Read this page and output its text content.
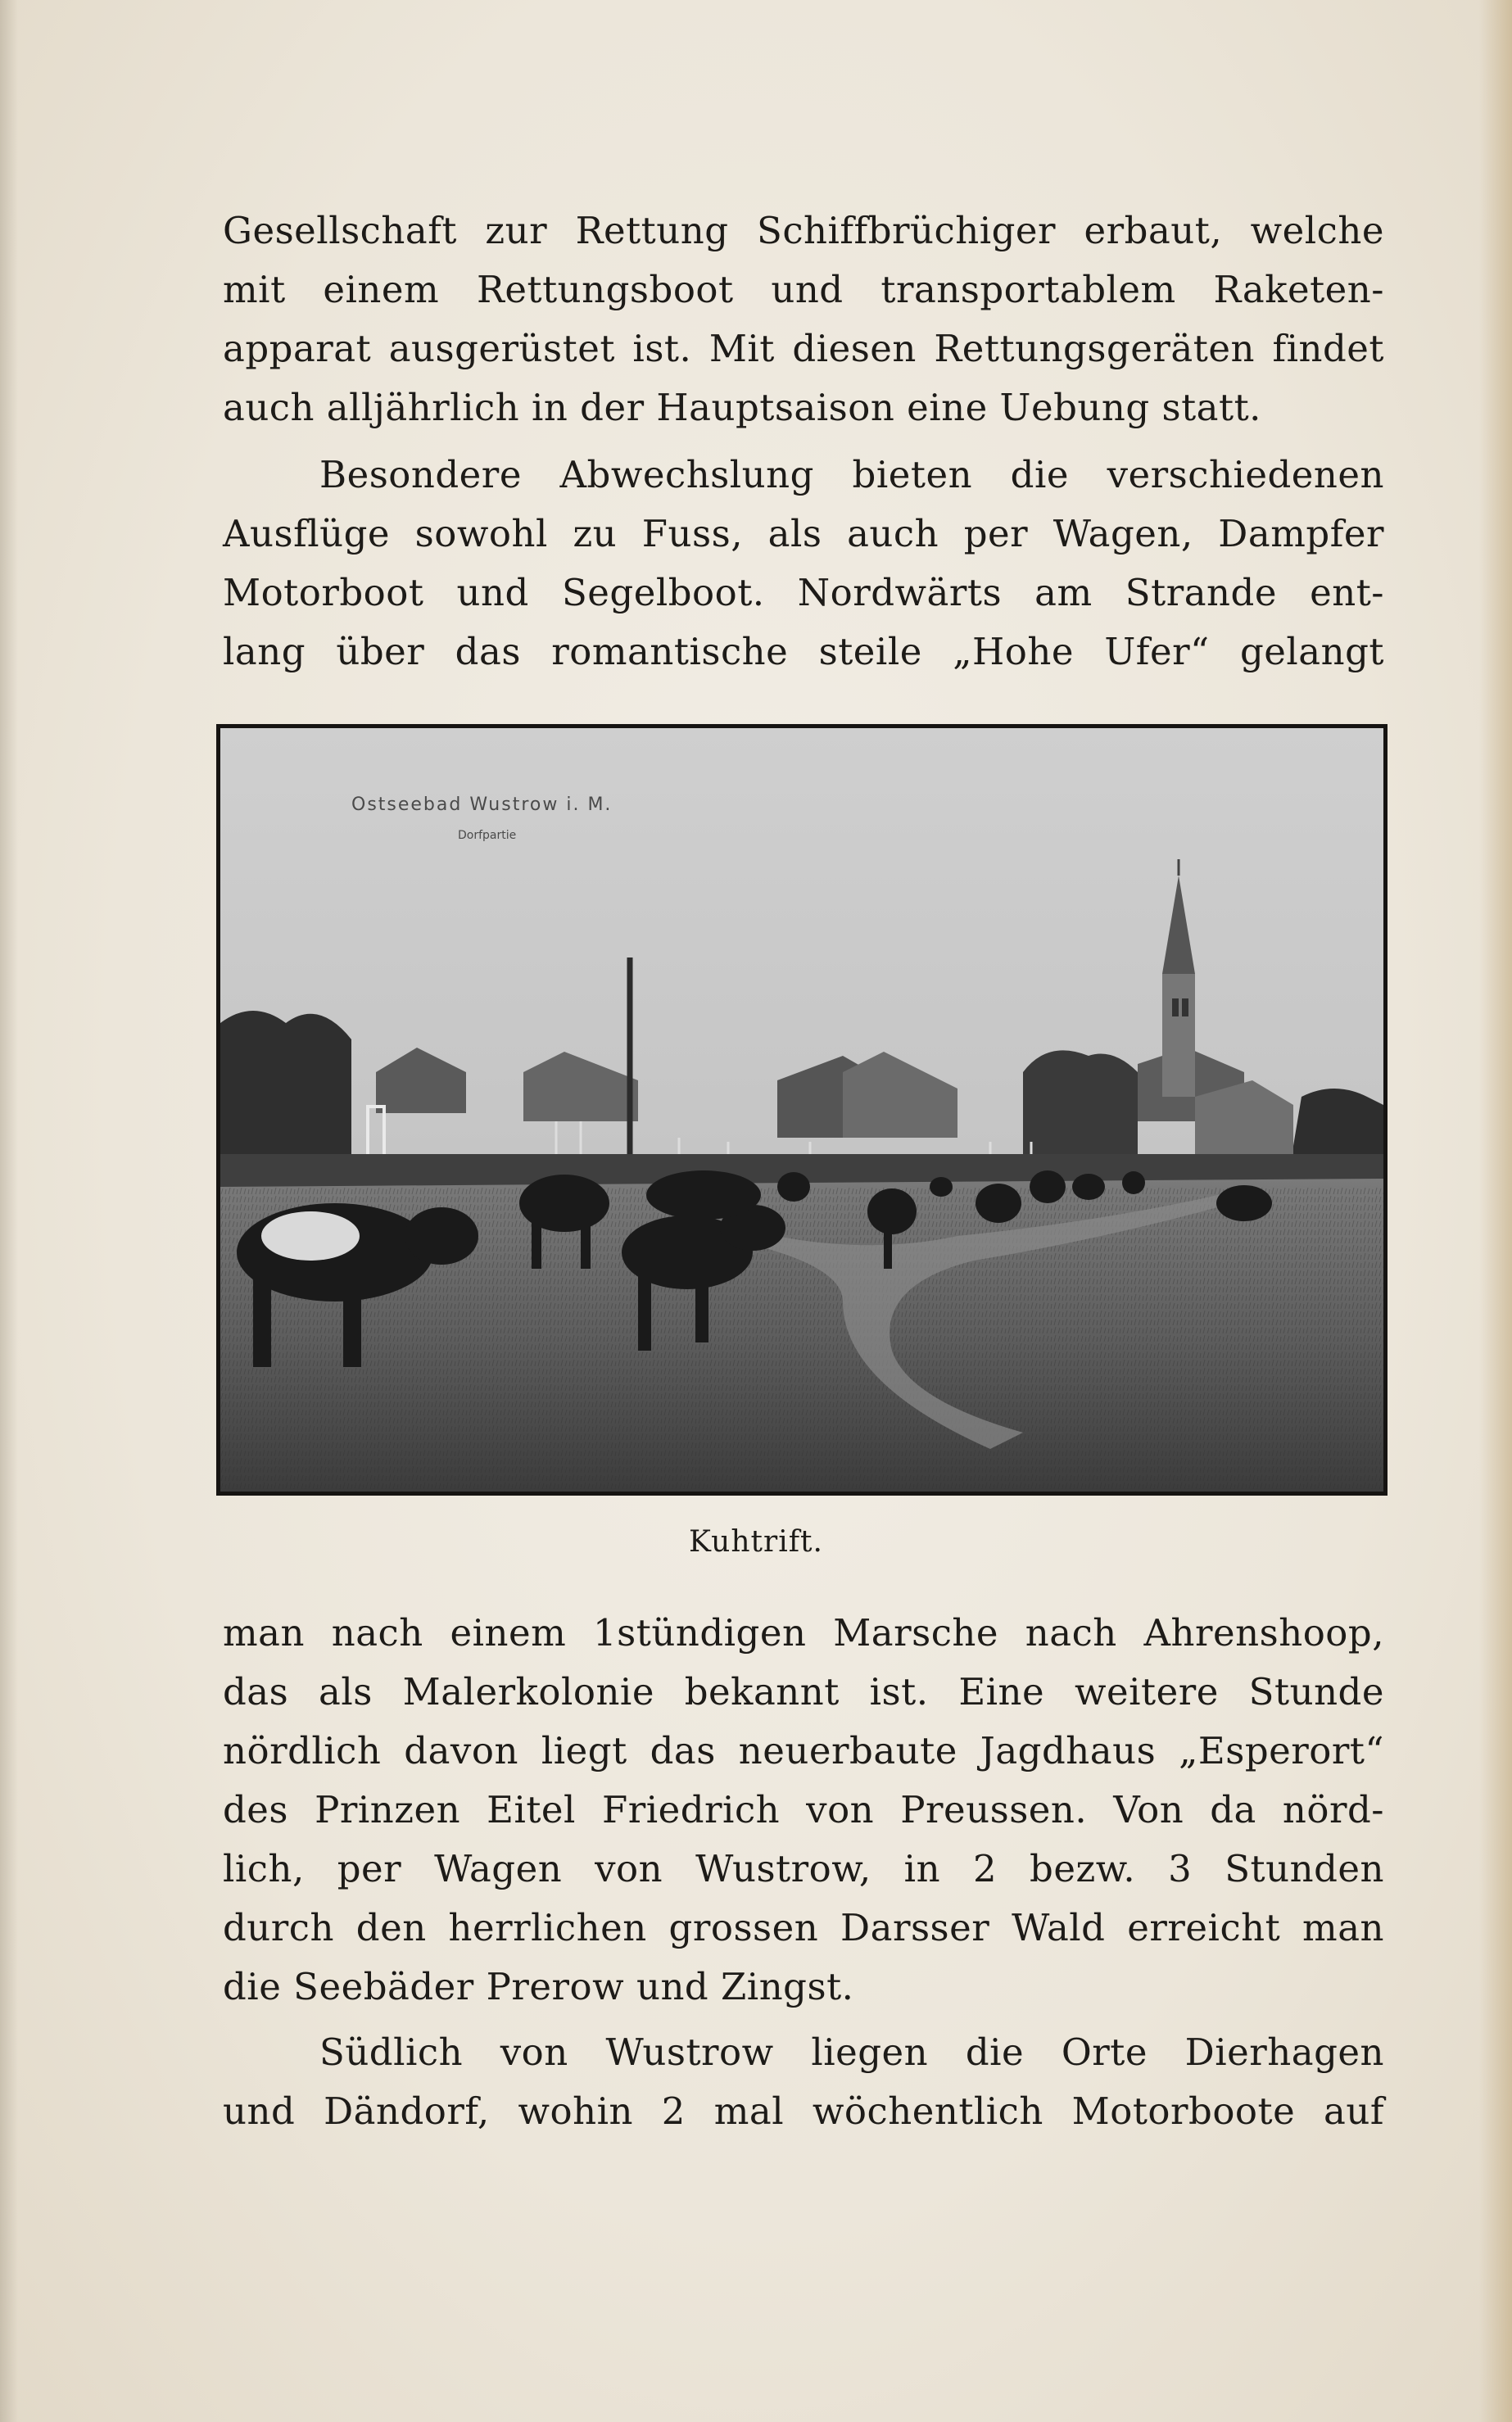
Gesellschaft zur Rettung Schiffbrüchiger erbaut, welche
mit einem Rettungsboot und transportablem Raketen-
apparat ausgerüstet ist. Mit diesen Rettungsgeräten findet
auch alljährlich in der Hauptsaison eine Uebung statt.
Besondere Abwechslung bieten die verschiedenen
Ausflüge sowohl zu Fuss, als auch per Wagen, Dampfer
Motorboot und Segelboot. Nordwärts am Strande ent-
lang über das romantische steile „Hohe Ufer“ gelangt
Ostseebad Wustrow i. M.
Dorfpartie
Kuhtrift.
man nach einem 1stündigen Marsche nach Ahrenshoop,
das als Malerkolonie bekannt ist. Eine weitere Stunde
nördlich davon liegt das neuerbaute Jagdhaus „Esperort“
des Prinzen Eitel Friedrich von Preussen. Von da nörd-
lich, per Wagen von Wustrow, in 2 bezw. 3 Stunden
durch den herrlichen grossen Darsser Wald erreicht man
die Seebäder Prerow und Zingst.
Südlich von Wustrow liegen die Orte Dierhagen
und Dändorf, wohin 2 mal wöchentlich Motorboote auf
